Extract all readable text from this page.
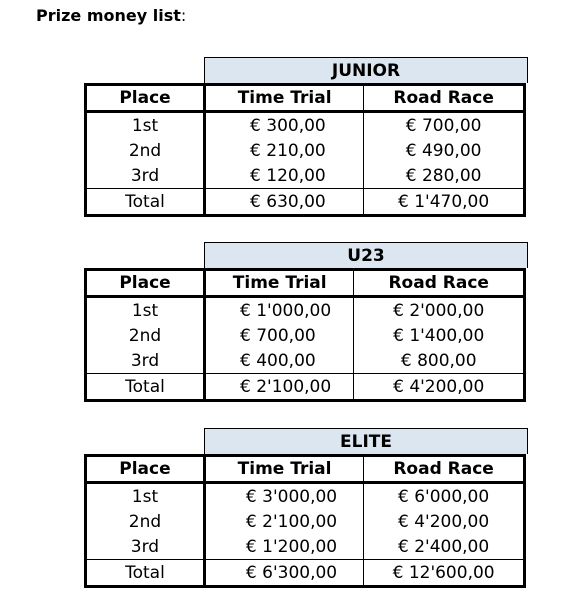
Prize money list:
JUNIOR
Place	Time Trial	Road Race
1st	€ 300,00	€ 700,00
2nd	€ 210,00	€ 490,00
3rd	€ 120,00	€ 280,00
Total	€ 630,00	€ 1'470,00
U23
Place	Time Trial	Road Race
1st	€ 1'000,00	€ 2'000,00
2nd	€ 700,00	€ 1'400,00
3rd	€ 400,00	€ 800,00
Total	€ 2'100,00	€ 4'200,00
ELITE
Place	Time Trial	Road Race
1st	€ 3'000,00	€ 6'000,00
2nd	€ 2'100,00	€ 4'200,00
3rd	€ 1'200,00	€ 2'400,00
Total	€ 6'300,00	€ 12'600,00
